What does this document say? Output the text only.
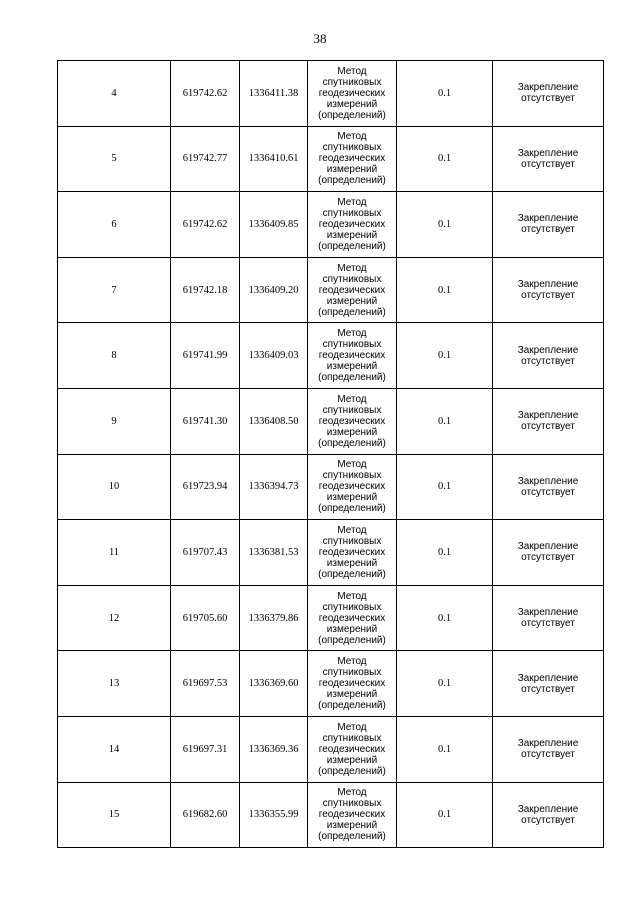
38
4	619742.62	1336411.38	Метод
спутниковых
геодезических
измерений
(определений)	0.1	Закрепление
отсутствует

5	619742.77	1336410.61	Метод
спутниковых
геодезических
измерений
(определений)	0.1	Закрепление
отсутствует

6	619742.62	1336409.85	Метод
спутниковых
геодезических
измерений
(определений)	0.1	Закрепление
отсутствует

7	619742.18	1336409.20	Метод
спутниковых
геодезических
измерений
(определений)	0.1	Закрепление
отсутствует

8	619741.99	1336409.03	Метод
спутниковых
геодезических
измерений
(определений)	0.1	Закрепление
отсутствует

9	619741.30	1336408.50	Метод
спутниковых
геодезических
измерений
(определений)	0.1	Закрепление
отсутствует

10	619723.94	1336394.73	Метод
спутниковых
геодезических
измерений
(определений)	0.1	Закрепление
отсутствует

11	619707.43	1336381.53	Метод
спутниковых
геодезических
измерений
(определений)	0.1	Закрепление
отсутствует

12	619705.60	1336379.86	Метод
спутниковых
геодезических
измерений
(определений)	0.1	Закрепление
отсутствует

13	619697.53	1336369.60	Метод
спутниковых
геодезических
измерений
(определений)	0.1	Закрепление
отсутствует

14	619697.31	1336369.36	Метод
спутниковых
геодезических
измерений
(определений)	0.1	Закрепление
отсутствует

15	619682.60	1336355.99	Метод
спутниковых
геодезических
измерений
(определений)	0.1	Закрепление
отсутствует
